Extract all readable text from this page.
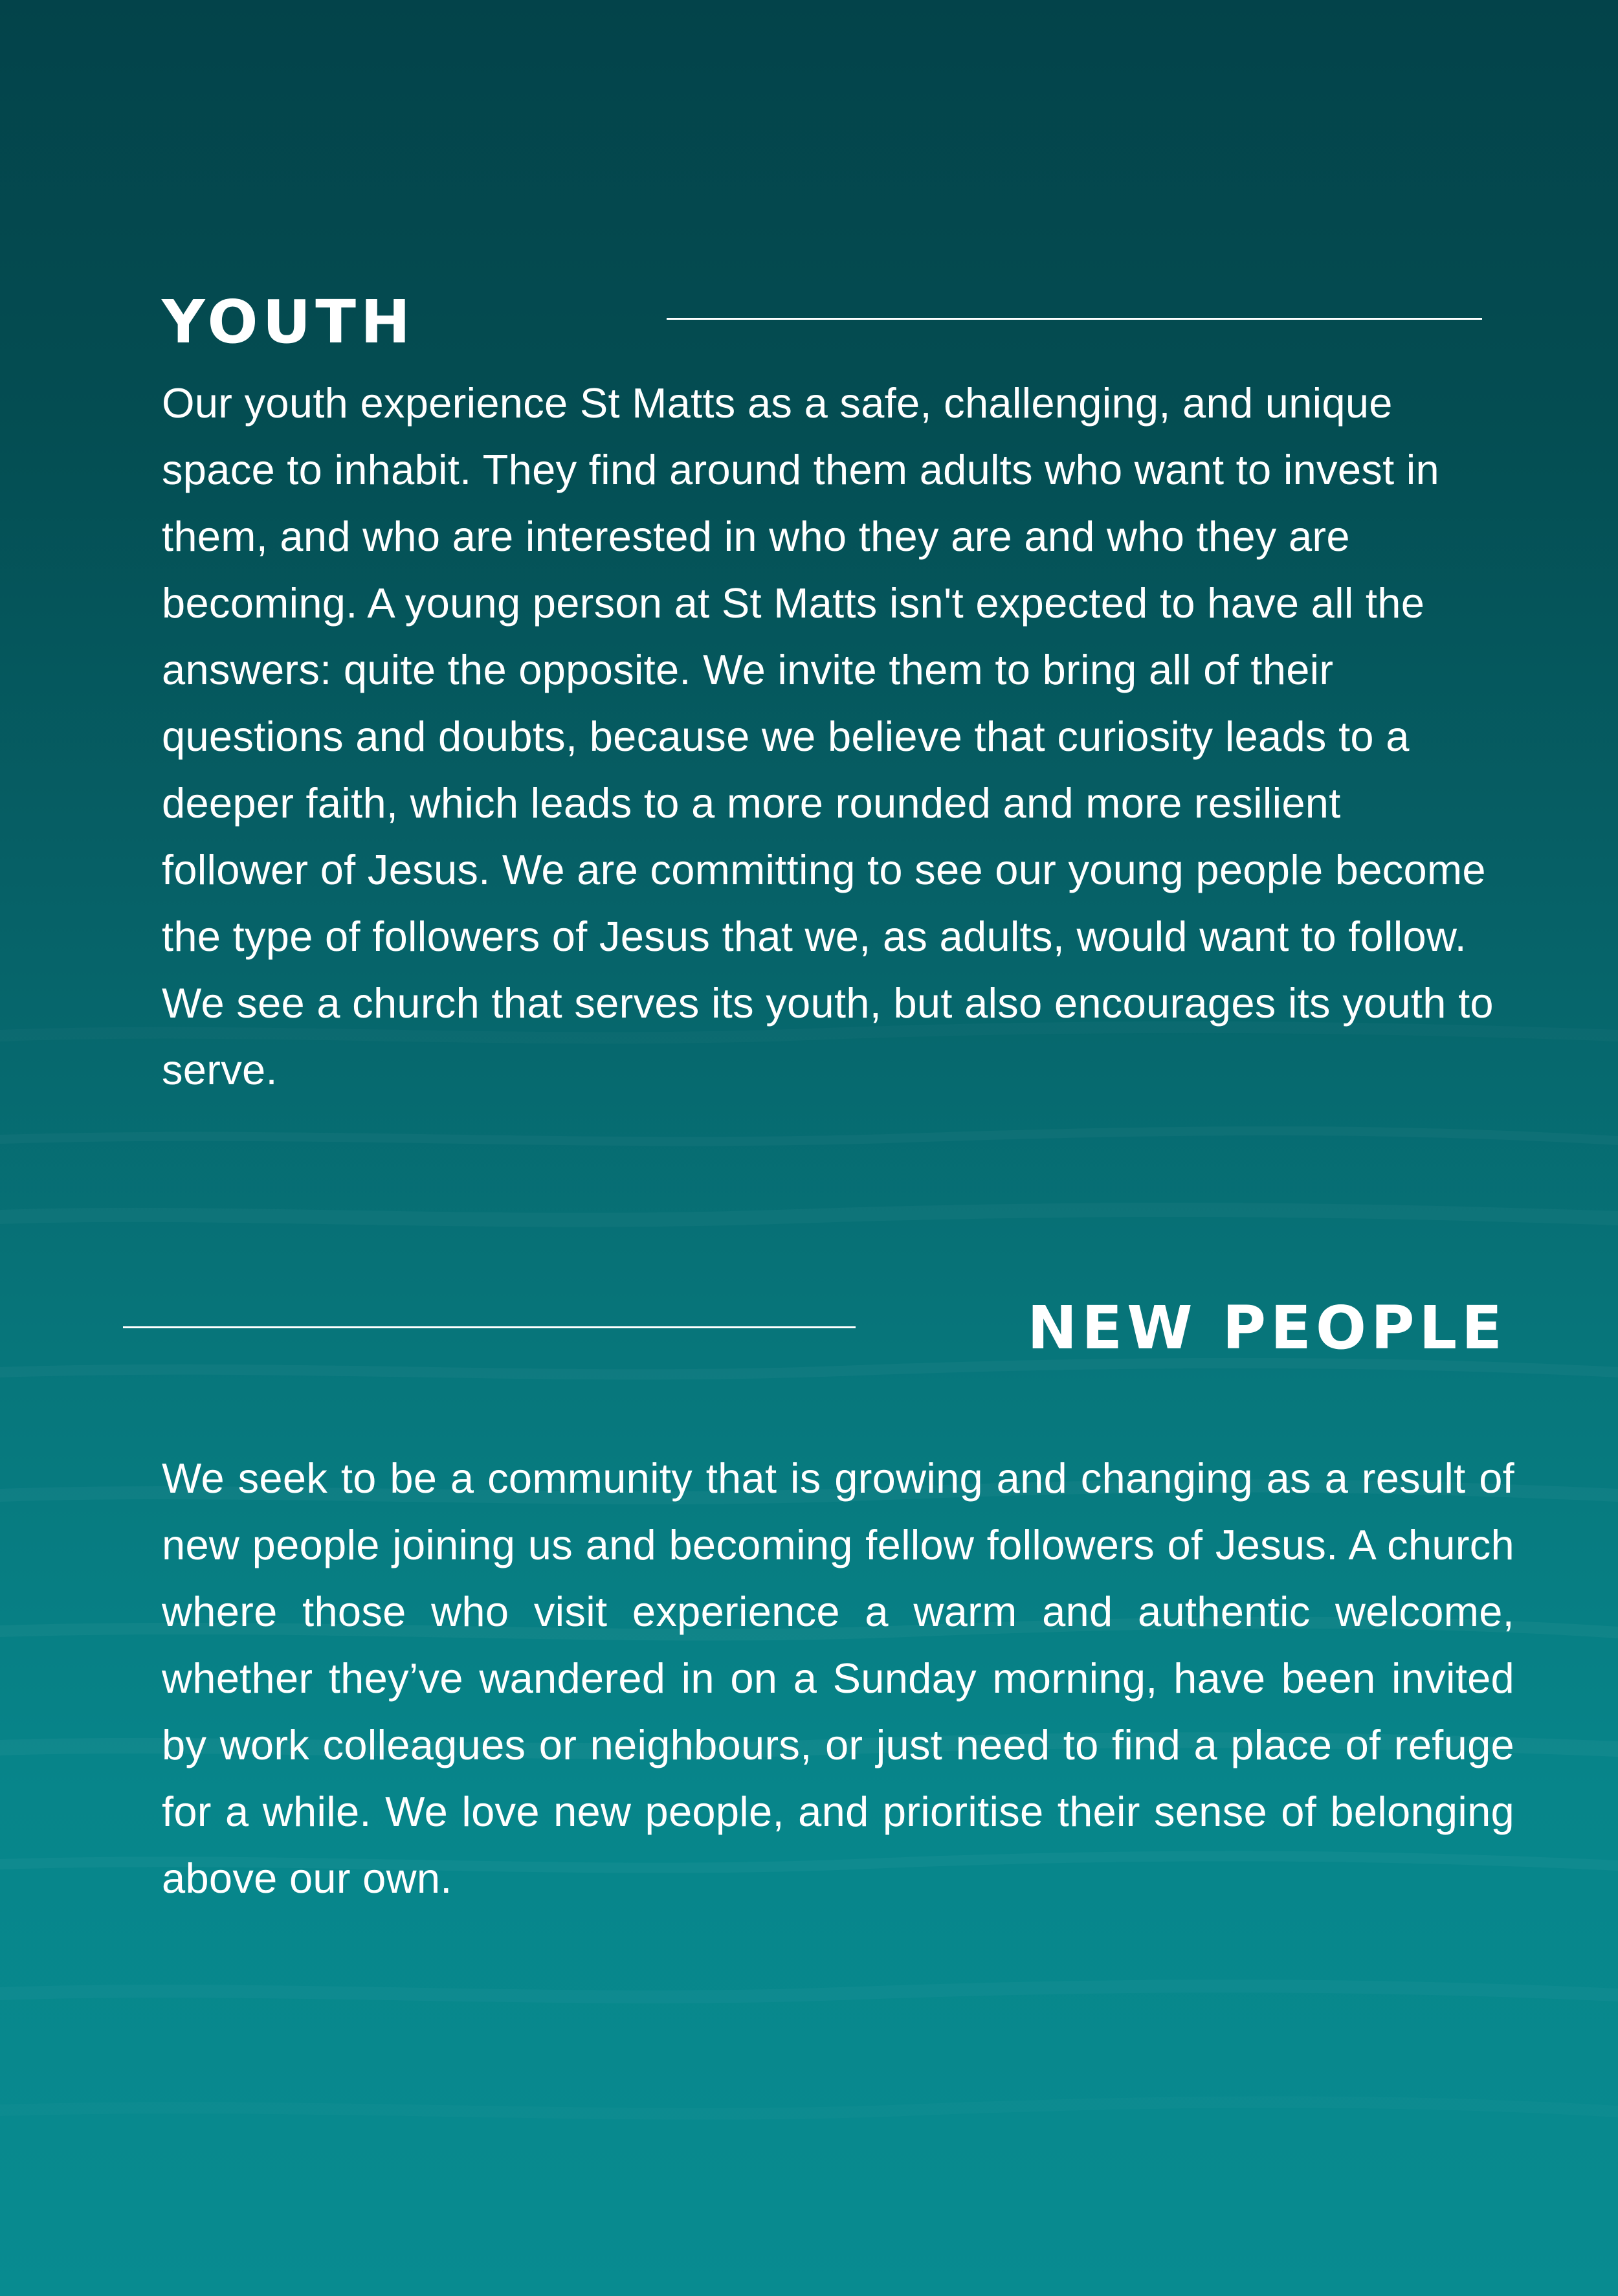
YOUTH

Our youth experience St Matts as a safe, challenging, and unique space to inhabit. They find around them adults who want to invest in them, and who are interested in who they are and who they are becoming. A young person at St Matts isn't expected to have all the answers: quite the opposite. We invite them to bring all of their questions and doubts, because we believe that curiosity leads to a deeper faith, which leads to a more rounded and more resilient follower of Jesus. We are committing to see our young people become the type of followers of Jesus that we, as adults, would want to follow. We see a church that serves its youth, but also encourages its youth to serve.

NEW PEOPLE

We seek to be a community that is growing and changing as a result of new people joining us and becoming fellow followers of Jesus. A church where those who visit experience a warm and authentic welcome, whether they’ve wandered in on a Sunday morning, have been invited by work colleagues or neighbours, or just need to find a place of refuge for a while. We love new people, and prioritise their sense of belonging above our own.
